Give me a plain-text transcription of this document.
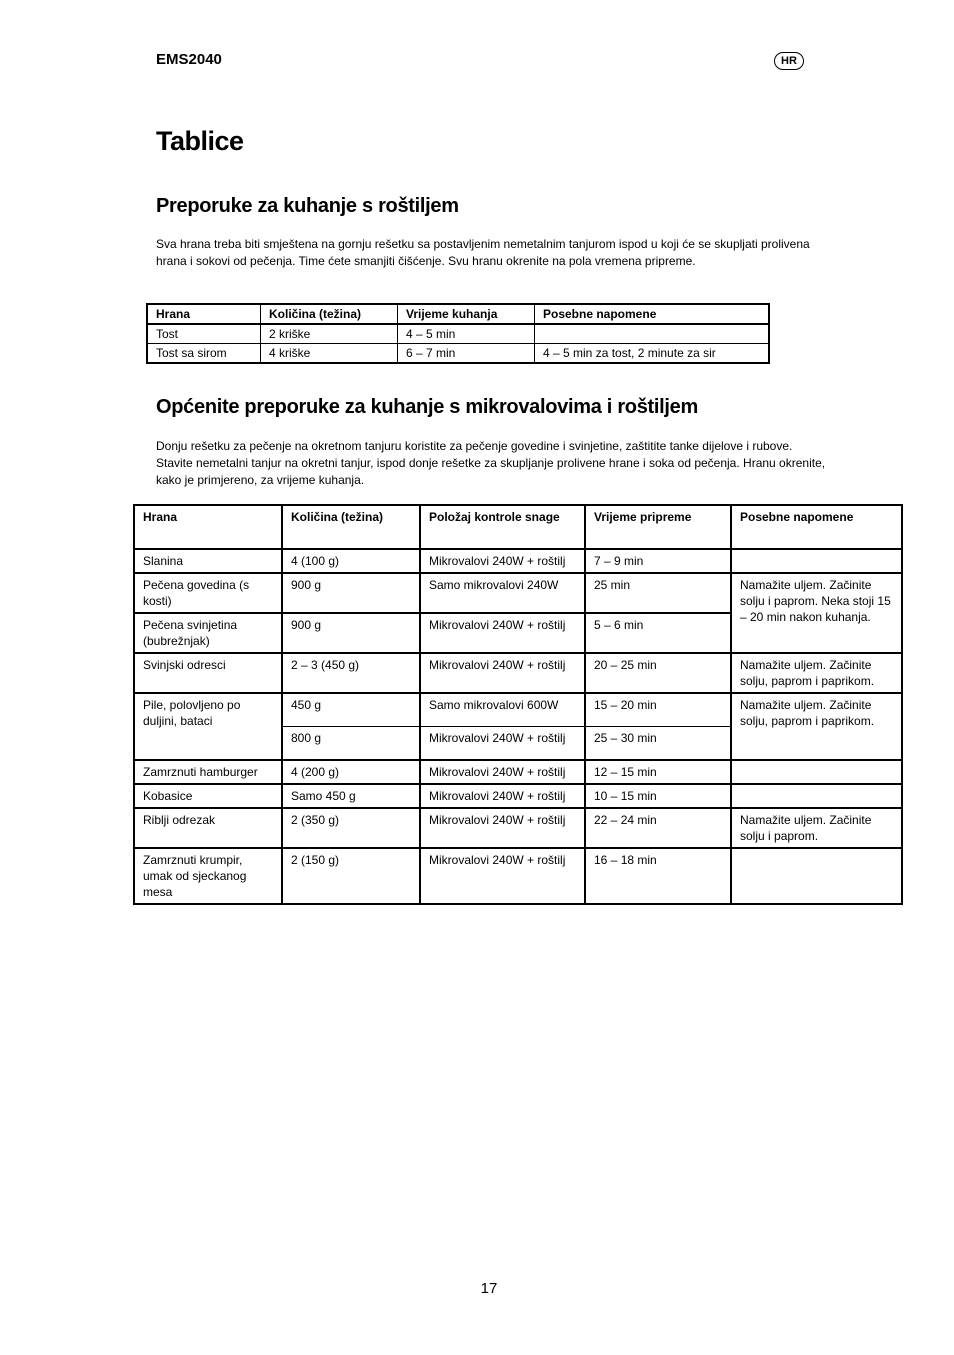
EMS2040	HR
Tablice
Preporuke za kuhanje s roštiljem

Sva hrana treba biti smještena na gornju rešetku sa postavljenim nemetalnim tanjurom ispod u koji će se skupljati prolivena
hrana i sokovi od pečenja. Time ćete smanjiti čišćenje. Svu hranu okrenite na pola vremena pripreme.

Hrana	Količina (težina)	Vrijeme kuhanja	Posebne napomene
Tost	2 kriške	4 – 5 min	
Tost sa sirom	4 kriške	6 – 7 min	4 – 5 min za tost, 2 minute za sir
Općenite preporuke za kuhanje s mikrovalovima i roštiljem

Donju rešetku za pečenje na okretnom tanjuru koristite za pečenje govedine i svinjetine, zaštitite tanke dijelove i rubove.
Stavite nemetalni tanjur na okretni tanjur, ispod donje rešetke za skupljanje prolivene hrane i soka od pečenja. Hranu okrenite,
kako je primjereno, za vrijeme kuhanja.

Hrana	Količina (težina)	Položaj kontrole snage	Vrijeme pripreme	Posebne napomene
Slanina	4 (100 g)	Mikrovalovi 240W + roštilj	7 – 9 min	
Pečena govedina (s kosti)	900 g	Samo mikrovalovi 240W	25 min	Namažite uljem. Začinite solju i paprom. Neka stoji 15 – 20 min nakon kuhanja.
Pečena svinjetina (bubrežnjak)	900 g	Mikrovalovi 240W + roštilj	5 – 6 min	
Svinjski odresci	2 – 3 (450 g)	Mikrovalovi 240W + roštilj	20 – 25 min	Namažite uljem. Začinite solju, paprom i paprikom.
Pile, polovljeno po duljini, bataci	450 g	Samo mikrovalovi 600W	15 – 20 min	Namažite uljem. Začinite solju, paprom i paprikom.
	800 g	Mikrovalovi 240W + roštilj	25 – 30 min	
Zamrznuti hamburger	4 (200 g)	Mikrovalovi 240W + roštilj	12 – 15 min	
Kobasice	Samo 450 g	Mikrovalovi 240W + roštilj	10 – 15 min	
Riblji odrezak	2 (350 g)	Mikrovalovi 240W + roštilj	22 – 24 min	Namažite uljem. Začinite solju i paprom.
Zamrznuti krumpir, umak od sjeckanog mesa	2 (150 g)	Mikrovalovi 240W + roštilj	16 – 18 min	
17
